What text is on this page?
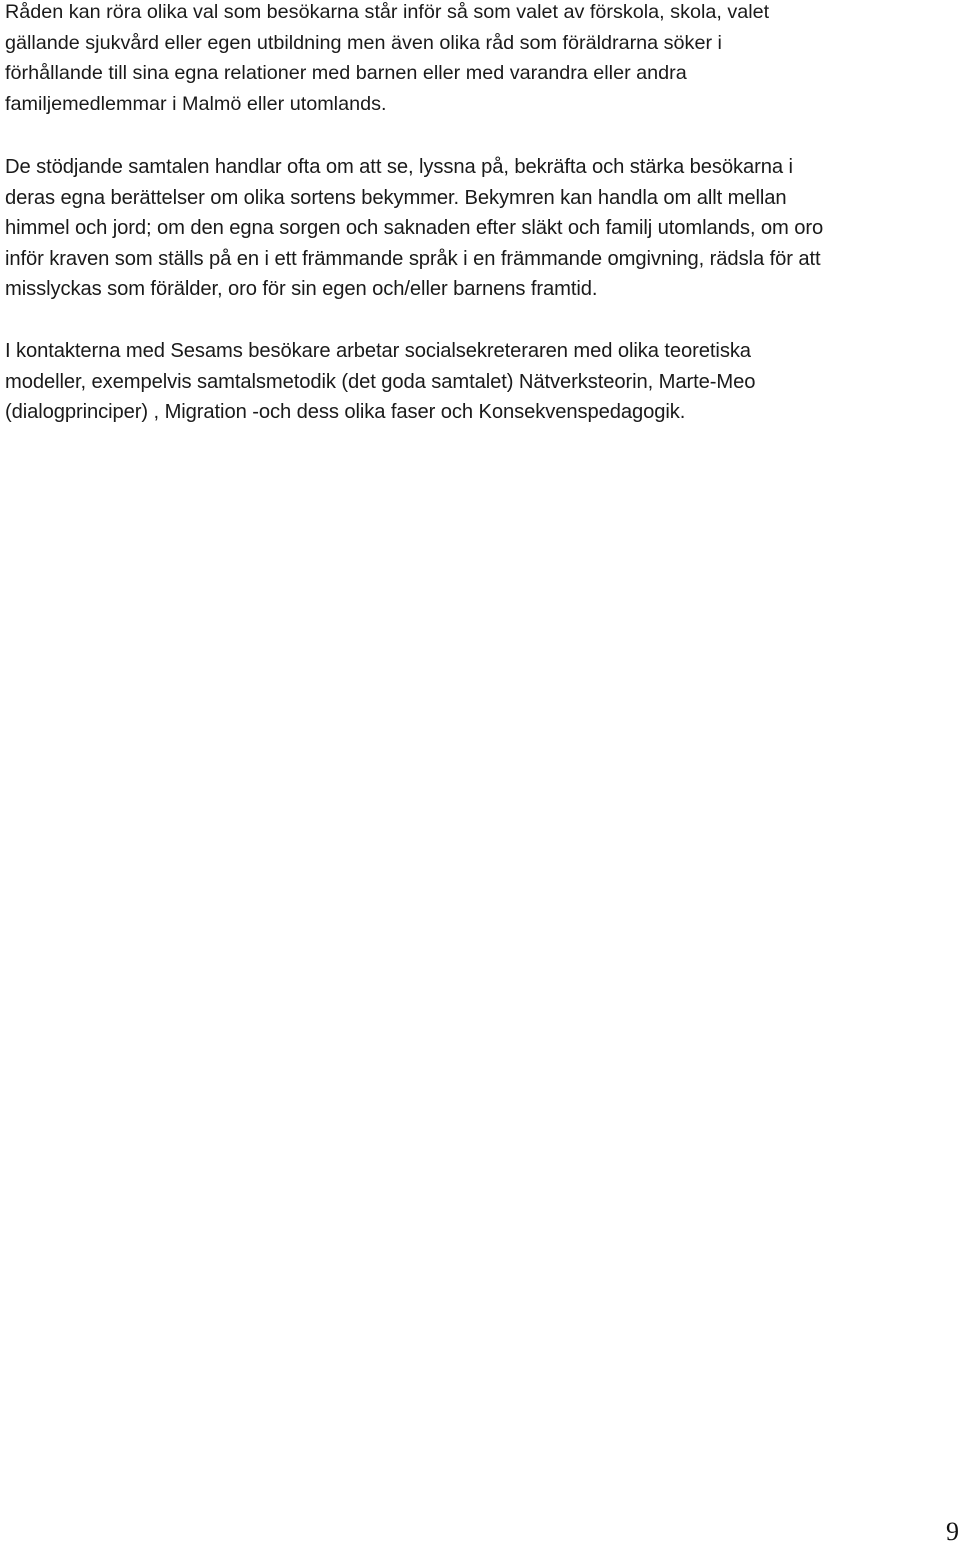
Råden kan röra olika val som besökarna står inför så som valet av förskola, skola, valet
gällande sjukvård eller egen utbildning men även olika råd som föräldrarna söker i
förhållande till sina egna relationer med barnen eller med varandra eller andra
familjemedlemmar i Malmö eller utomlands.

De stödjande samtalen handlar ofta om att se, lyssna på, bekräfta och stärka besökarna i
deras egna berättelser om olika sortens bekymmer. Bekymren kan handla om allt mellan
himmel och jord; om den egna sorgen och saknaden efter släkt och familj utomlands, om oro
inför kraven som ställs på en i ett främmande språk i en främmande omgivning, rädsla för att
misslyckas som förälder, oro för sin egen och/eller barnens framtid.

I kontakterna med Sesams besökare arbetar socialsekreteraren med olika teoretiska
modeller, exempelvis samtalsmetodik (det goda samtalet) Nätverksteorin, Marte-Meo
(dialogprinciper) , Migration -och dess olika faser och Konsekvenspedagogik.

9
